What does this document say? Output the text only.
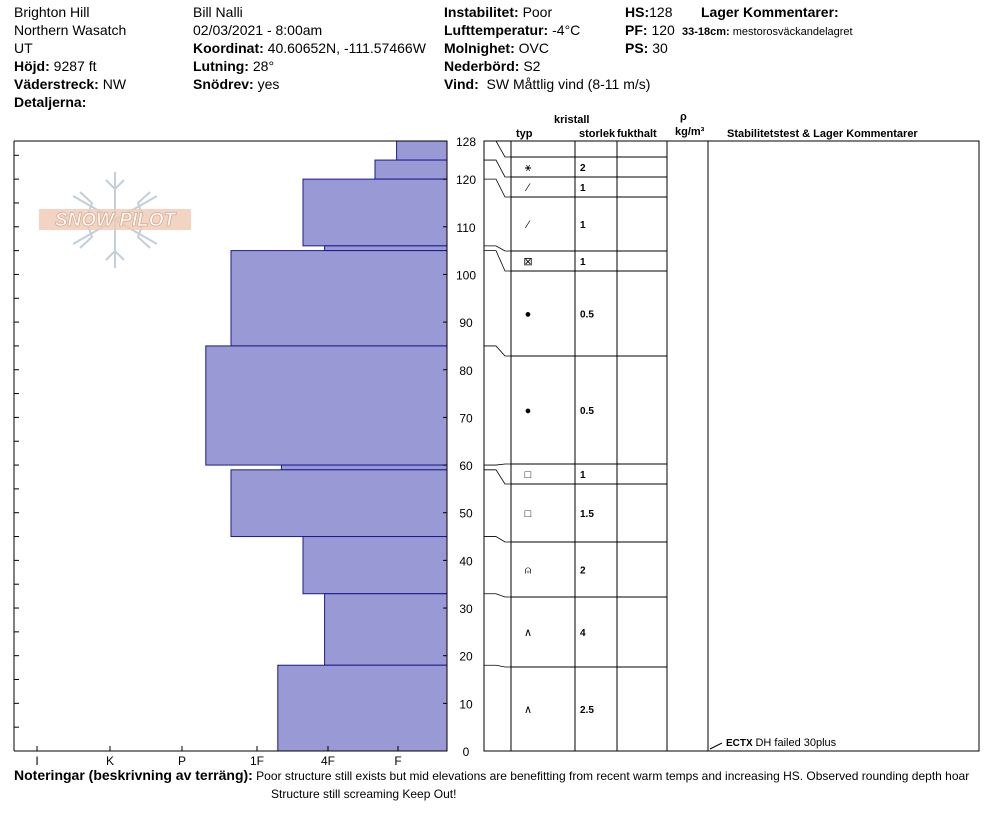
Brighton Hill
Northern Wasatch
UT
Höjd: 9287 ft
Väderstreck: NW
Detaljerna:
Bill Nalli
02/03/2021 - 8:00am
Koordinat: 40.60652N, -111.57466W
Lutning: 28°
Snödrev: yes
Instabilitet: Poor
Lufttemperatur: -4°C
Molnighet: OVC
Nederbörd: S2
Vind: SW Måttlig vind (8-11 m/s)
HS:128
PF: 120
PS: 30
Lager Kommentarer:
33-18cm: mestorosväckandelagret
kristall
typ	storlek fukthalt
ρ
kg/m³ Stabilitetstest & Lager Kommentarer
SNOW PILOT
0
10
20
30
40
50
60
70
80
90
100
110
120
128
I	K	P	1F	4F	F
⚹	2
⁄	1
⁄	1
⊠	1
●	0.5
●	0.5
□	1
□	1.5
⍝	2
∧	4
∧	2.5
ECTX DH failed 30plus
Noteringar (beskrivning av terräng): Poor structure still exists but mid elevations are benefitting from recent warm temps and increasing HS. Observed rounding depth hoar
Structure still screaming Keep Out!
